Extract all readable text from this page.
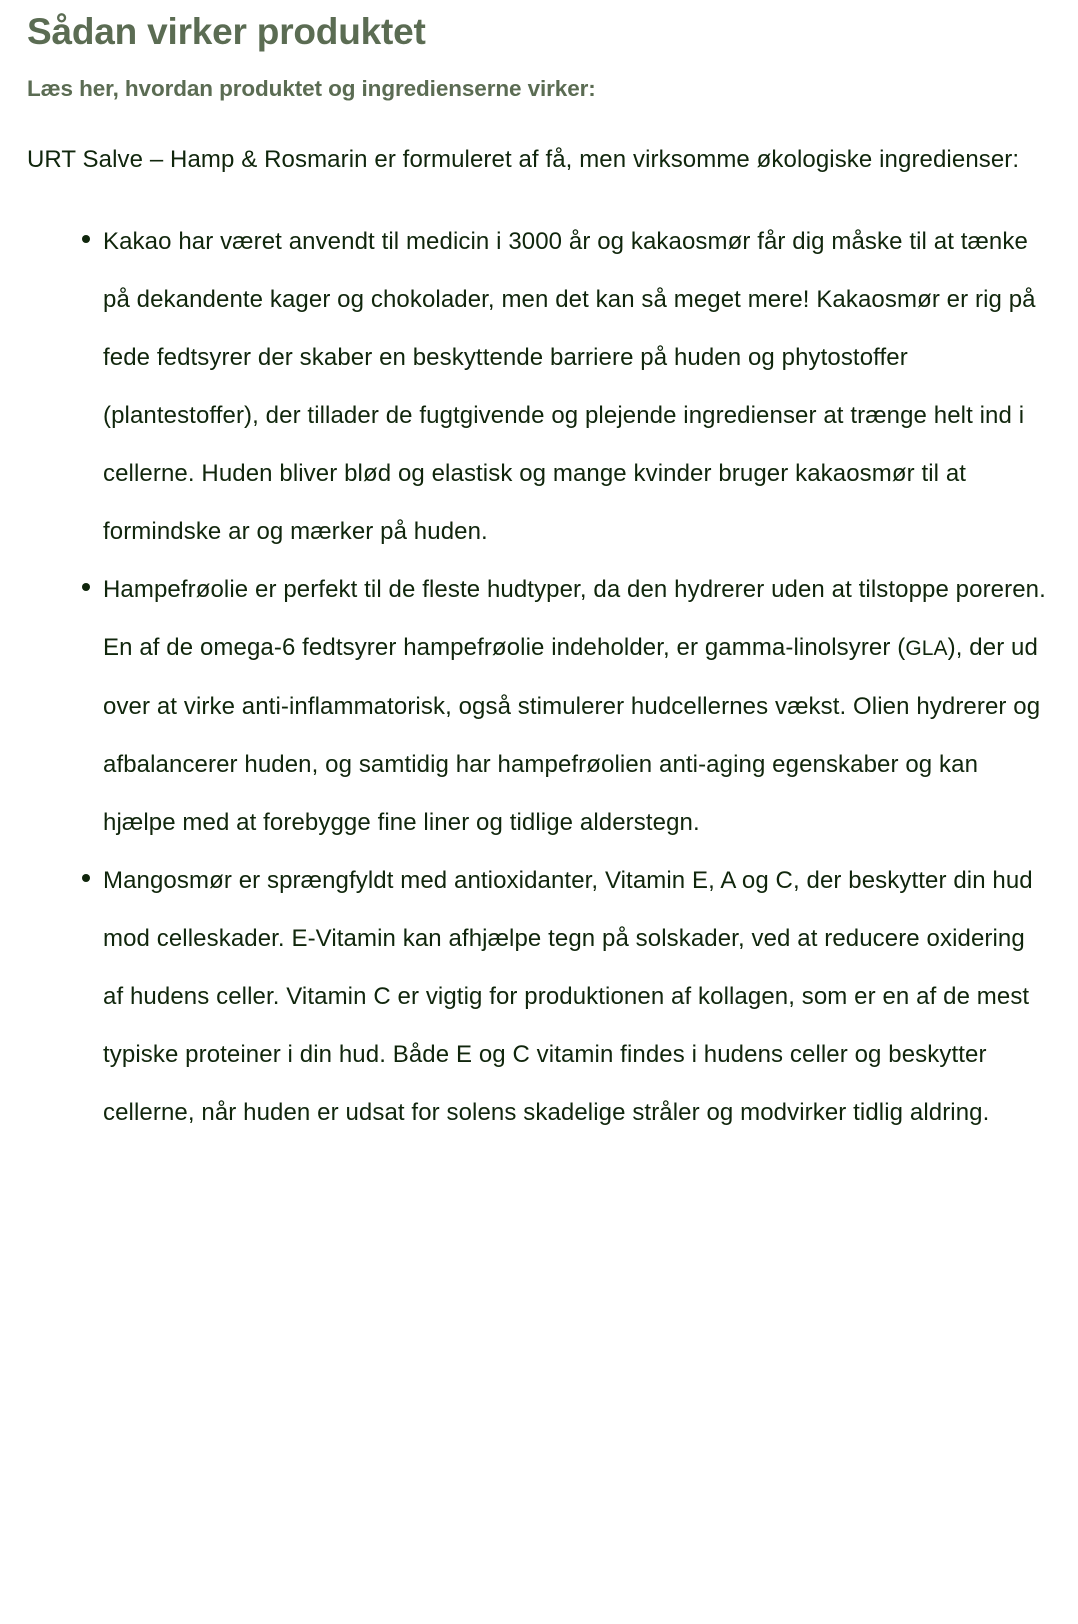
Sådan virker produktet
Læs her, hvordan produktet og ingredienserne virker:

URT Salve – Hamp & Rosmarin er formuleret af få, men virksomme økologiske ingredienser:

Kakao har været anvendt til medicin i 3000 år og kakaosmør får dig måske til at tænke på dekandente kager og chokolader, men det kan så meget mere! Kakaosmør er rig på fede fedtsyrer der skaber en beskyttende barriere på huden og phytostoffer (plantestoffer), der tillader de fugtgivende og plejende ingredienser at trænge helt ind i cellerne. Huden bliver blød og elastisk og mange kvinder bruger kakaosmør til at formindske ar og mærker på huden.
Hampefrøolie er perfekt til de fleste hudtyper, da den hydrerer uden at tilstoppe poreren. En af de omega-6 fedtsyrer hampefrøolie indeholder, er gamma-linolsyrer (GLA), der ud over at virke anti-inflammatorisk, også stimulerer hudcellernes vækst. Olien hydrerer og afbalancerer huden, og samtidig har hampefrøolien anti-aging egenskaber og kan hjælpe med at forebygge fine liner og tidlige alderstegn.
Mangosmør er sprængfyldt med antioxidanter, Vitamin E, A og C, der beskytter din hud mod celleskader. E-Vitamin kan afhjælpe tegn på solskader, ved at reducere oxidering af hudens celler. Vitamin C er vigtig for produktionen af kollagen, som er en af de mest typiske proteiner i din hud. Både E og C vitamin findes i hudens celler og beskytter cellerne, når huden er udsat for solens skadelige stråler og modvirker tidlig aldring.
